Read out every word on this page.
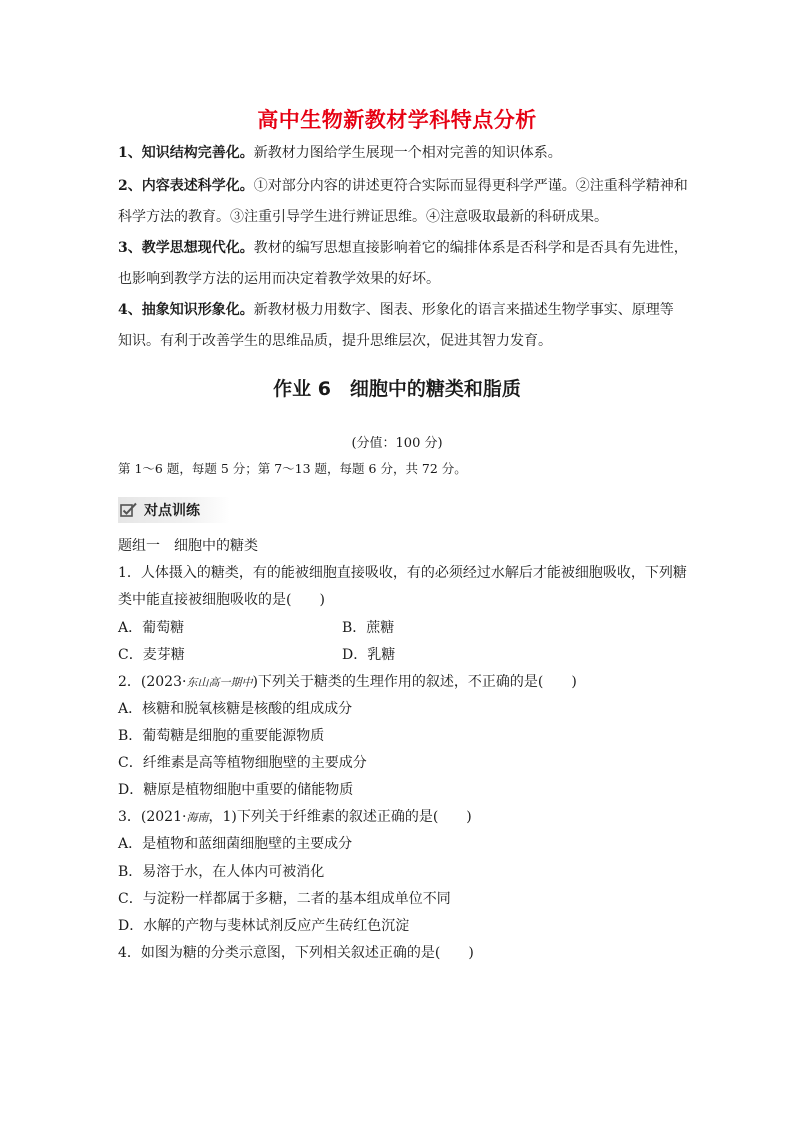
高中生物新教材学科特点分析
1、知识结构完善化。新教材力图给学生展现一个相对完善的知识体系。
2、内容表述科学化。①对部分内容的讲述更符合实际而显得更科学严谨。②注重科学精神和
科学方法的教育。③注重引导学生进行辨证思维。④注意吸取最新的科研成果。
3、教学思想现代化。教材的编写思想直接影响着它的编排体系是否科学和是否具有先进性，
也影响到教学方法的运用而决定着教学效果的好坏。
4、抽象知识形象化。新教材极力用数字、图表、形象化的语言来描述生物学事实、原理等
知识。有利于改善学生的思维品质，提升思维层次，促进其智力发育。
作业 6　细胞中的糖类和脂质
(分值：100 分)
第 1～6 题，每题 5 分；第 7～13 题，每题 6 分，共 72 分。
对点训练
题组一　细胞中的糖类
1．人体摄入的糖类，有的能被细胞直接吸收，有的必须经过水解后才能被细胞吸收，下列糖
类中能直接被细胞吸收的是(　　)
A．葡萄糖	B．蔗糖
C．麦芽糖	D．乳糖
2．(2023·东山高一期中)下列关于糖类的生理作用的叙述，不正确的是(　　)
A．核糖和脱氧核糖是核酸的组成成分
B．葡萄糖是细胞的重要能源物质
C．纤维素是高等植物细胞壁的主要成分
D．糖原是植物细胞中重要的储能物质
3．(2021·海南，1)下列关于纤维素的叙述正确的是(　　)
A．是植物和蓝细菌细胞壁的主要成分
B．易溶于水，在人体内可被消化
C．与淀粉一样都属于多糖，二者的基本组成单位不同
D．水解的产物与斐林试剂反应产生砖红色沉淀
4．如图为糖的分类示意图，下列相关叙述正确的是(　　)
